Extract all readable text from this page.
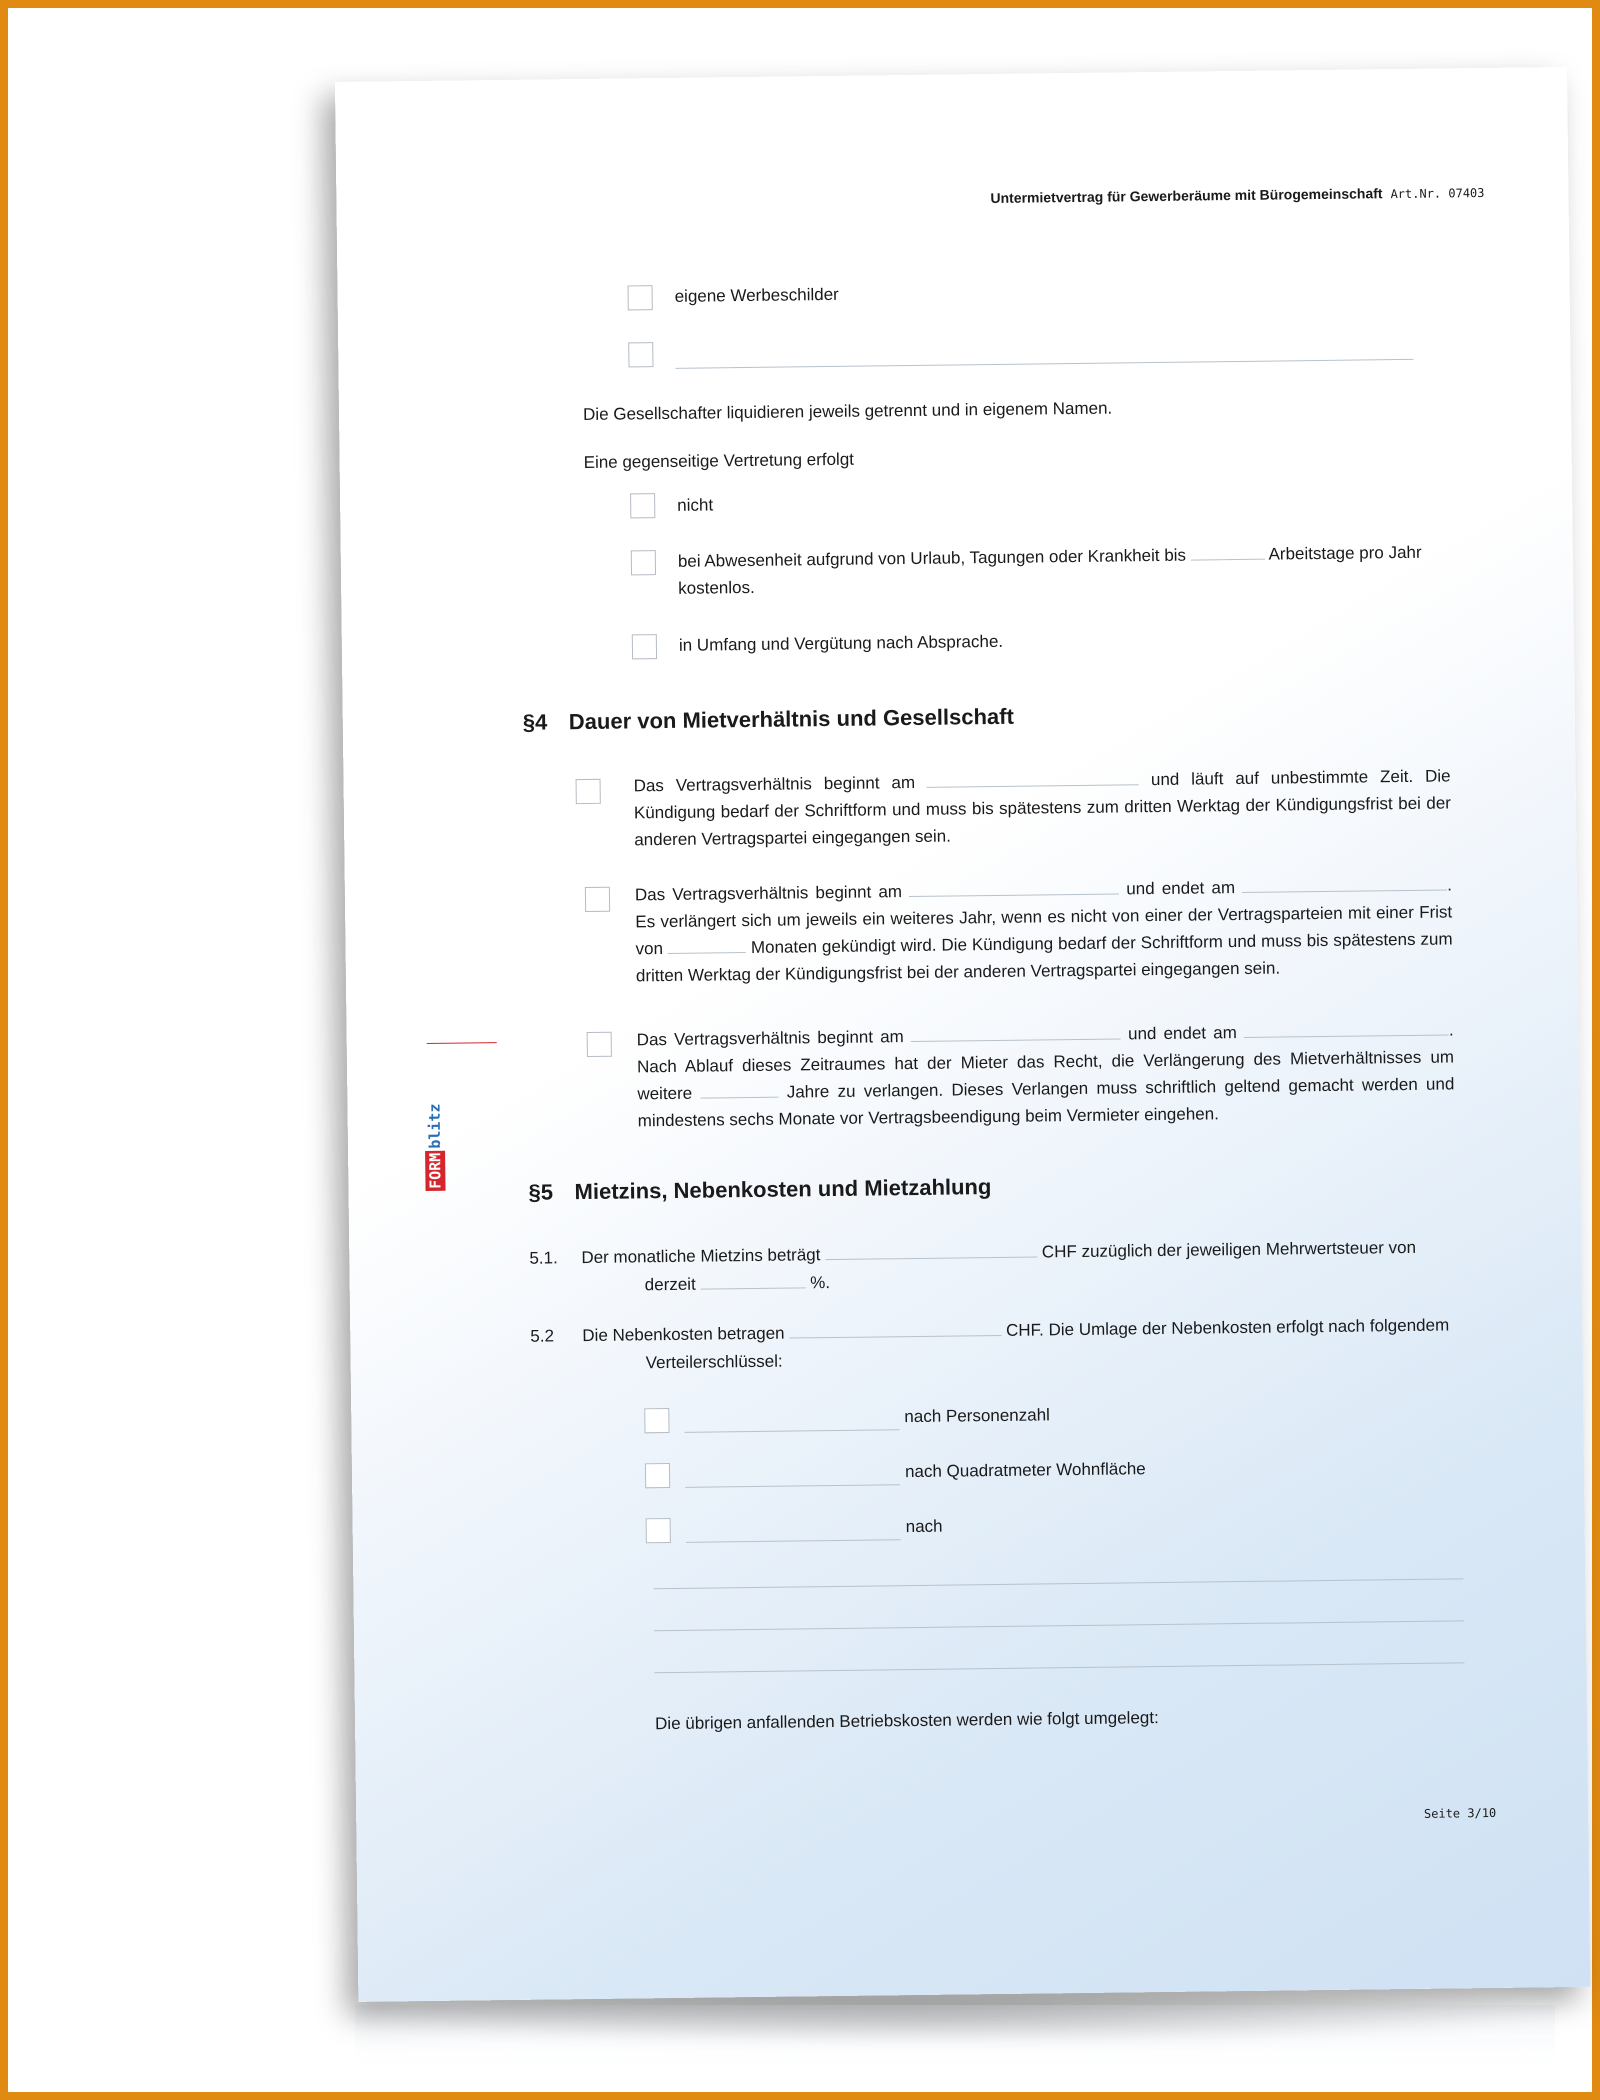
Untermietvertrag für Gewerberäume mit Bürogemeinschaft Art.Nr. 07403
eigene Werbeschilder
Die Gesellschafter liquidieren jeweils getrennt und in eigenem Namen.
Eine gegenseitige Vertretung erfolgt
nicht
bei Abwesenheit aufgrund von Urlaub, Tagungen oder Krankheit bis	Arbeitstage pro Jahr
kostenlos.
in Umfang und Vergütung nach Absprache.
§4 Dauer von Mietverhältnis und Gesellschaft
Das Vertragsverhältnis beginnt am	und läuft auf unbestimmte Zeit. Die Kündigung bedarf der Schriftform und muss bis spätestens zum dritten Werktag der Kündigungsfrist bei der anderen Vertragspartei eingegangen sein.
Das Vertragsverhältnis beginnt am	und endet am	. Es verlängert sich um jeweils ein weiteres Jahr, wenn es nicht von einer der Vertragsparteien mit einer Frist von	Monaten gekündigt wird. Die Kündigung bedarf der Schriftform und muss bis spätestens zum dritten Werktag der Kündigungsfrist bei der anderen Vertragspartei eingegangen sein.
Das Vertragsverhältnis beginnt am	und endet am	. Nach Ablauf dieses Zeitraumes hat der Mieter das Recht, die Verlängerung des Mietverhältnisses um weitere	Jahre zu verlangen. Dieses Verlangen muss schriftlich geltend gemacht werden und mindestens sechs Monate vor Vertragsbeendigung beim Vermieter eingehen.
§5 Mietzins, Nebenkosten und Mietzahlung
5.1. Der monatliche Mietzins beträgt	CHF zuzüglich der jeweiligen Mehrwertsteuer von
derzeit	%.
5.2 Die Nebenkosten betragen	CHF. Die Umlage der Nebenkosten erfolgt nach folgendem
Verteilerschlüssel:
nach Personenzahl
nach Quadratmeter Wohnfläche
nach
Die übrigen anfallenden Betriebskosten werden wie folgt umgelegt:
Seite 3/10
FORMblitz
